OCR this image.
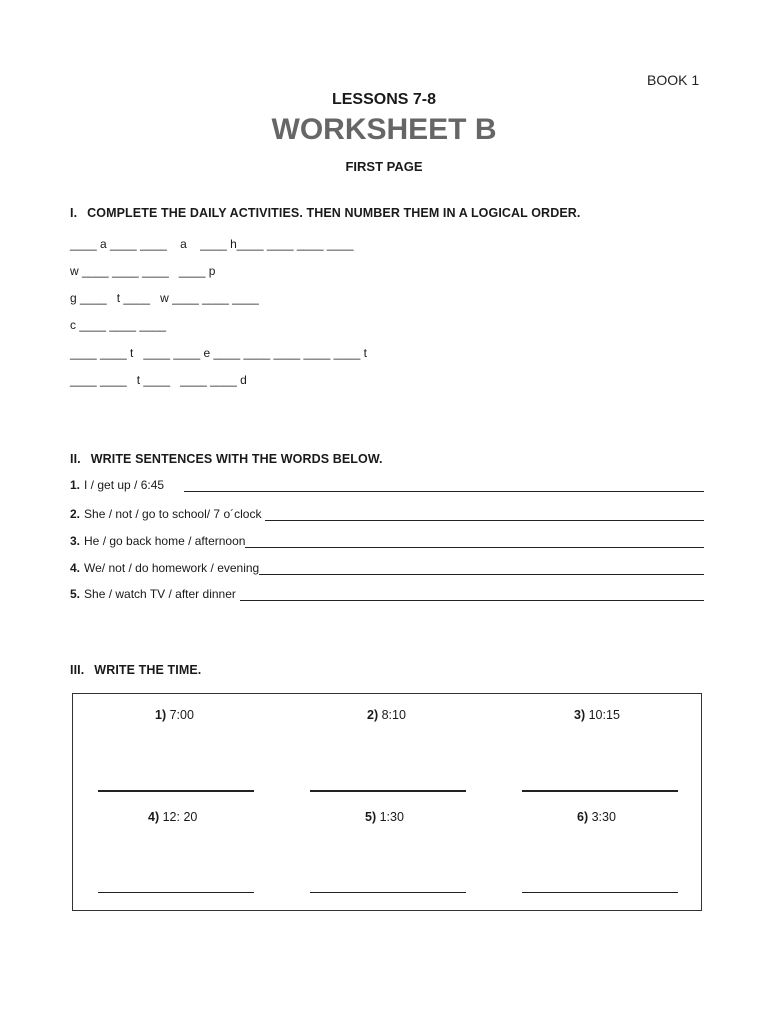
BOOK 1
LESSONS 7-8
WORKSHEET B
FIRST PAGE
I. COMPLETE THE DAILY ACTIVITIES. THEN NUMBER THEM IN A LOGICAL ORDER.
____ a ____ ____    a    ____ h____ ____ ____ ____
w ____ ____ ____   ____ p
g ____   t ____   w ____ ____ ____
c ____ ____ ____
____ ____ t   ____ ____ e ____ ____ ____ ____ ____ t
____ ____   t ____   ____ ____ d
II. WRITE SENTENCES WITH THE WORDS BELOW.
1. I / get up / 6:45
2. She / not / go to school/ 7 o´clock
3. He / go back home / afternoon
4. We/ not / do homework / evening
5. She / watch TV / after dinner
III. WRITE THE TIME.
1) 7:00	2) 8:10	3) 10:15
4) 12: 20	5) 1:30	6) 3:30
